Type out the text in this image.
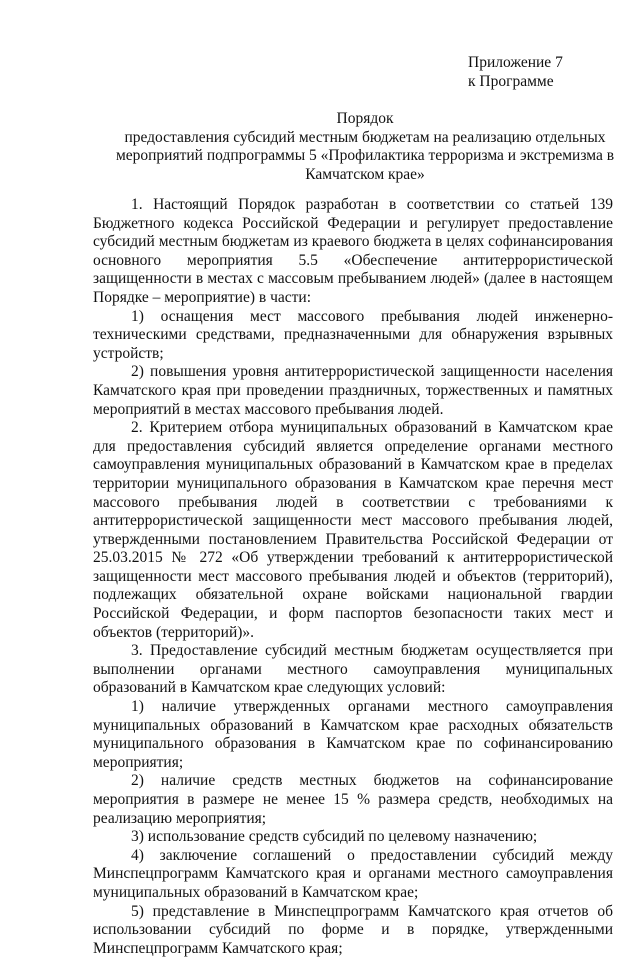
Приложение 7
к Программе
Порядок
предоставления субсидий местным бюджетам на реализацию отдельных
мероприятий подпрограммы 5 «Профилактика терроризма и экстремизма в
Камчатском крае»

1. Настоящий Порядок разработан в соответствии со статьей 139 Бюджетного кодекса Российской Федерации и регулирует предоставление субсидий местным бюджетам из краевого бюджета в целях софинансирования основного мероприятия 5.5 «Обеспечение антитеррористической защищенности в местах с массовым пребыванием людей» (далее в настоящем Порядке – мероприятие) в части:

1) оснащения мест массового пребывания людей инженерно-техническими средствами, предназначенными для обнаружения взрывных устройств;

2) повышения уровня антитеррористической защищенности населения Камчатского края при проведении праздничных, торжественных и памятных мероприятий в местах массового пребывания людей.

2. Критерием отбора муниципальных образований в Камчатском крае для предоставления субсидий является определение органами местного самоуправления муниципальных образований в Камчатском крае в пределах территории муниципального образования в Камчатском крае перечня мест массового пребывания людей в соответствии с требованиями к антитеррористической защищенности мест массового пребывания людей, утвержденными постановлением Правительства Российской Федерации от 25.03.2015 № 272 «Об утверждении требований к антитеррористической защищенности мест массового пребывания людей и объектов (территорий), подлежащих обязательной охране войсками национальной гвардии Российской Федерации, и форм паспортов безопасности таких мест и объектов (территорий)».

3. Предоставление субсидий местным бюджетам осуществляется при выполнении органами местного самоуправления муниципальных образований в Камчатском крае следующих условий:

1) наличие утвержденных органами местного самоуправления муниципальных образований в Камчатском крае расходных обязательств муниципального образования в Камчатском крае по софинансированию мероприятия;

2) наличие средств местных бюджетов на софинансирование мероприятия в размере не менее 15 % размера средств, необходимых на реализацию мероприятия;

3) использование средств субсидий по целевому назначению;

4) заключение соглашений о предоставлении субсидий между Минспецпрограмм Камчатского края и органами местного самоуправления муниципальных образований в Камчатском крае;

5) представление в Минспецпрограмм Камчатского края отчетов об использовании субсидий по форме и в порядке, утвержденными Минспецпрограмм Камчатского края;
